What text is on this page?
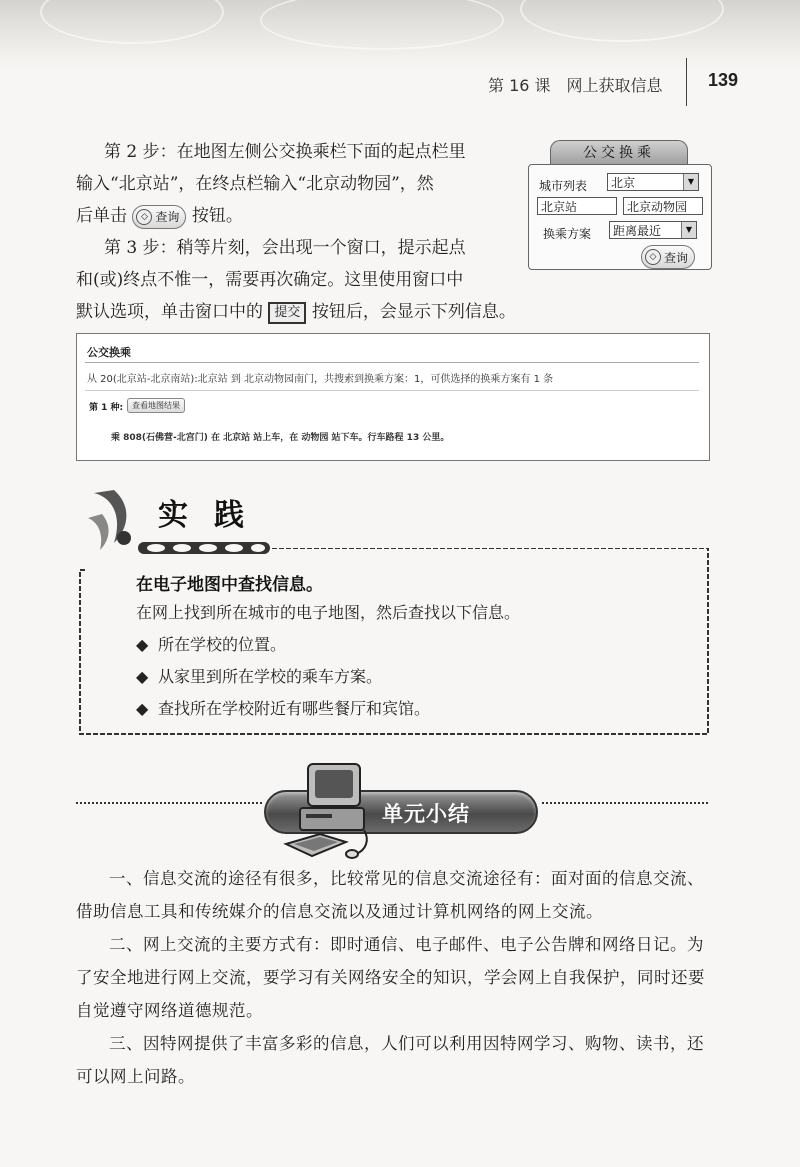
第 16 课　网上获取信息	139
第 2 步：在地图左侧公交换乘栏下面的起点栏里
输入“北京站”，在终点栏输入“北京动物园”，然
后单击	◇ 查询 按钮。
第 3 步：稍等片刻，会出现一个窗口，提示起点
和(或)终点不惟一，需要再次确定。这里使用窗口中
默认选项，单击窗口中的 提交 按钮后，会显示下列信息。
公交换乘
城市列表	北京	▼
北京站	北京动物园
换乘方案	距离最近	▼
◇ 查询
公交换乘
从 20(北京站-北京南站):北京站 到 北京动物园南门，共搜索到换乘方案：1，可供选择的换乘方案有 1 条
第 1 种:	查看地图结果
乘 808(石佛营-北宫门) 在 北京站 站上车，在 动物园 站下车。行车路程 13 公里。
实践
在电子地图中查找信息。
在网上找到所在城市的电子地图，然后查找以下信息。
◆ 所在学校的位置。
◆ 从家里到所在学校的乘车方案。
◆ 查找所在学校附近有哪些餐厅和宾馆。
单元小结

一、信息交流的途径有很多，比较常见的信息交流途径有：面对面的信息交流、借助信息工具和传统媒介的信息交流以及通过计算机网络的网上交流。

二、网上交流的主要方式有：即时通信、电子邮件、电子公告牌和网络日记。为了安全地进行网上交流，要学习有关网络安全的知识，学会网上自我保护，同时还要自觉遵守网络道德规范。

三、因特网提供了丰富多彩的信息，人们可以利用因特网学习、购物、读书，还可以网上问路。
